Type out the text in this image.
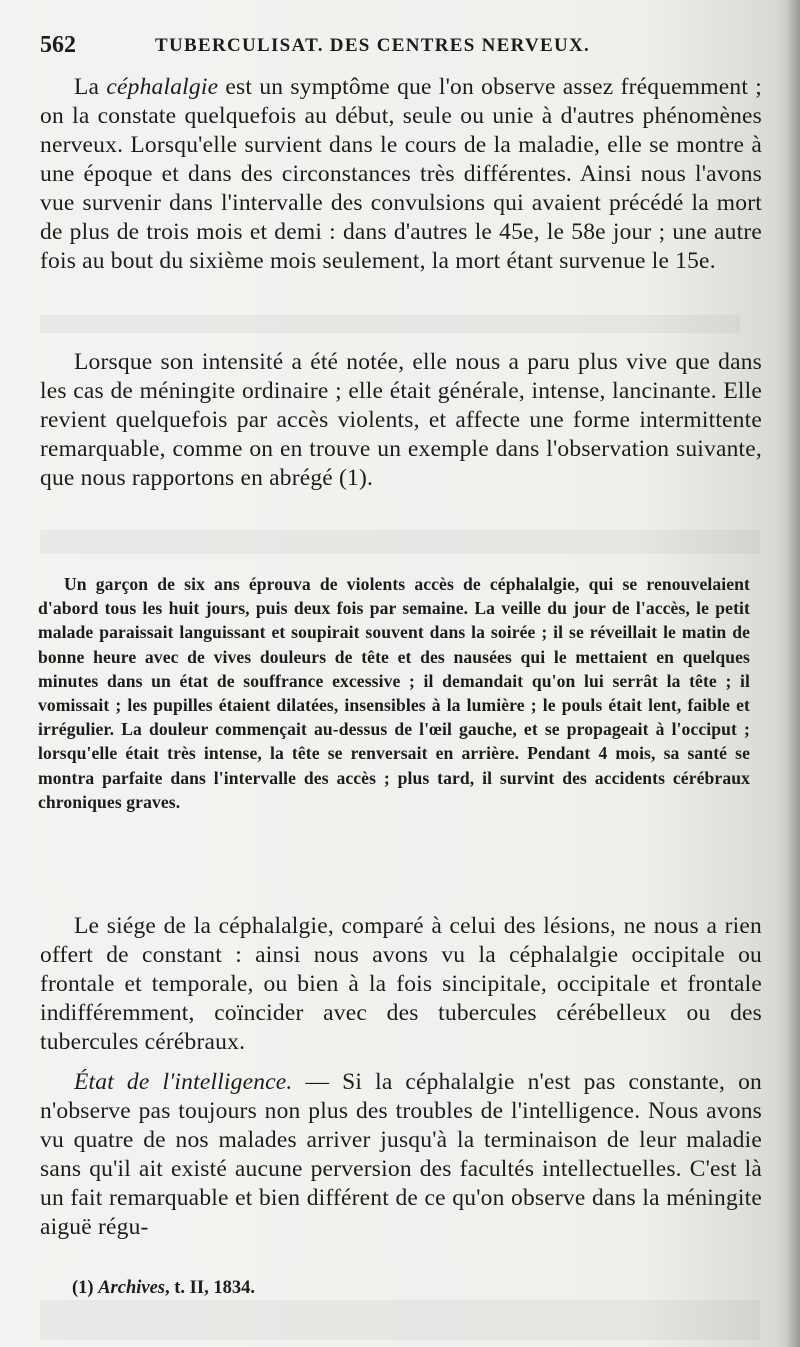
562	TUBERCULISAT. DES CENTRES NERVEUX.

La céphalalgie est un symptôme que l'on observe assez fréquemment ; on la constate quelquefois au début, seule ou unie à d'autres phénomènes nerveux. Lorsqu'elle survient dans le cours de la maladie, elle se montre à une époque et dans des circonstances très différentes. Ainsi nous l'avons vue survenir dans l'intervalle des convulsions qui avaient précédé la mort de plus de trois mois et demi : dans d'autres le 45e, le 58e jour ; une autre fois au bout du sixième mois seulement, la mort étant survenue le 15e.

Lorsque son intensité a été notée, elle nous a paru plus vive que dans les cas de méningite ordinaire ; elle était générale, intense, lancinante. Elle revient quelquefois par accès violents, et affecte une forme intermittente remarquable, comme on en trouve un exemple dans l'observation suivante, que nous rapportons en abrégé (1).

Un garçon de six ans éprouva de violents accès de céphalalgie, qui se renouvelaient d'abord tous les huit jours, puis deux fois par semaine. La veille du jour de l'accès, le petit malade paraissait languissant et soupirait souvent dans la soirée ; il se réveillait le matin de bonne heure avec de vives douleurs de tête et des nausées qui le mettaient en quelques minutes dans un état de souffrance excessive ; il demandait qu'on lui serrât la tête ; il vomissait ; les pupilles étaient dilatées, insensibles à la lumière ; le pouls était lent, faible et irrégulier. La douleur commençait au-dessus de l'œil gauche, et se propageait à l'occiput ; lorsqu'elle était très intense, la tête se renversait en arrière. Pendant 4 mois, sa santé se montra parfaite dans l'intervalle des accès ; plus tard, il survint des accidents cérébraux chroniques graves.

Le siége de la céphalalgie, comparé à celui des lésions, ne nous a rien offert de constant : ainsi nous avons vu la céphalalgie occipitale ou frontale et temporale, ou bien à la fois sincipitale, occipitale et frontale indifféremment, coïncider avec des tubercules cérébelleux ou des tubercules cérébraux.

État de l'intelligence. — Si la céphalalgie n'est pas constante, on n'observe pas toujours non plus des troubles de l'intelligence. Nous avons vu quatre de nos malades arriver jusqu'à la terminaison de leur maladie sans qu'il ait existé aucune perversion des facultés intellectuelles. C'est là un fait remarquable et bien différent de ce qu'on observe dans la méningite aiguë régu-

(1) Archives, t. II, 1834.
